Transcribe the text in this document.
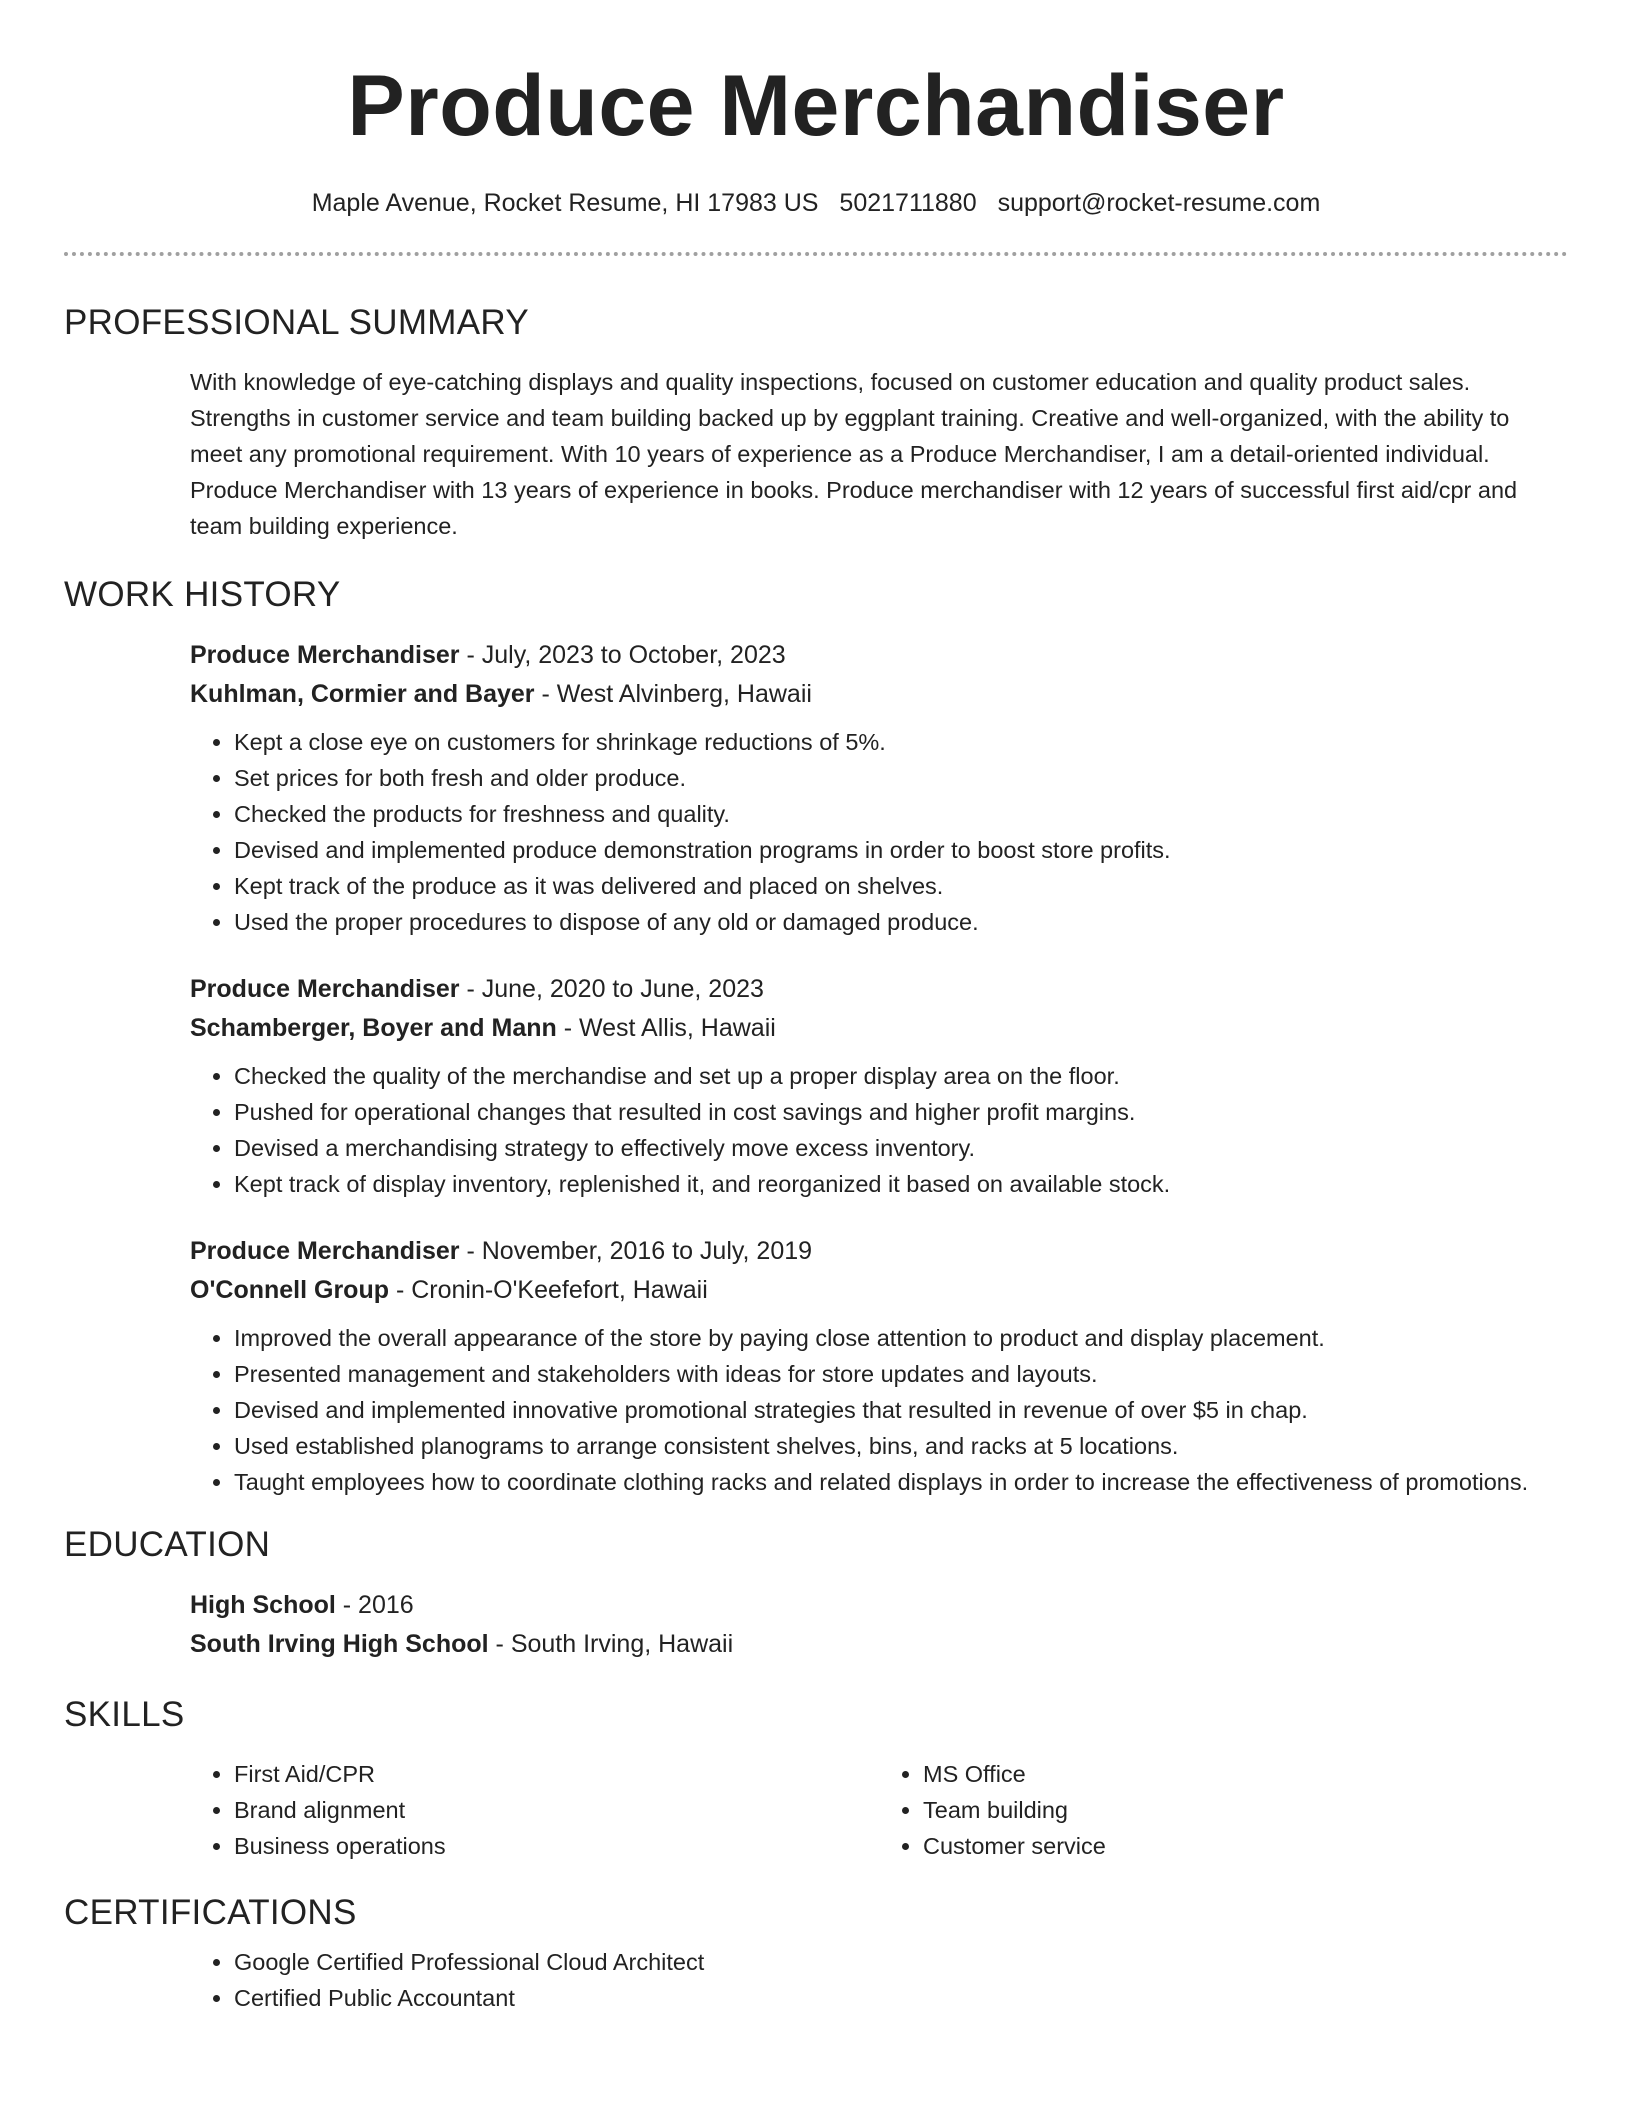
Produce Merchandiser
Maple Avenue, Rocket Resume, HI 17983 US 5021711880 support@rocket-resume.com
PROFESSIONAL SUMMARY
With knowledge of eye-catching displays and quality inspections, focused on customer education and quality product sales. Strengths in customer service and team building backed up by eggplant training. Creative and well-organized, with the ability to meet any promotional requirement. With 10 years of experience as a Produce Merchandiser, I am a detail-oriented individual. Produce Merchandiser with 13 years of experience in books. Produce merchandiser with 12 years of successful first aid/cpr and team building experience.
WORK HISTORY
Produce Merchandiser - July, 2023 to October, 2023
Kuhlman, Cormier and Bayer - West Alvinberg, Hawaii
• Kept a close eye on customers for shrinkage reductions of 5%.
• Set prices for both fresh and older produce.
• Checked the products for freshness and quality.
• Devised and implemented produce demonstration programs in order to boost store profits.
• Kept track of the produce as it was delivered and placed on shelves.
• Used the proper procedures to dispose of any old or damaged produce.
Produce Merchandiser - June, 2020 to June, 2023
Schamberger, Boyer and Mann - West Allis, Hawaii
• Checked the quality of the merchandise and set up a proper display area on the floor.
• Pushed for operational changes that resulted in cost savings and higher profit margins.
• Devised a merchandising strategy to effectively move excess inventory.
• Kept track of display inventory, replenished it, and reorganized it based on available stock.
Produce Merchandiser - November, 2016 to July, 2019
O'Connell Group - Cronin-O'Keefefort, Hawaii
• Improved the overall appearance of the store by paying close attention to product and display placement.
• Presented management and stakeholders with ideas for store updates and layouts.
• Devised and implemented innovative promotional strategies that resulted in revenue of over $5 in chap.
• Used established planograms to arrange consistent shelves, bins, and racks at 5 locations.
• Taught employees how to coordinate clothing racks and related displays in order to increase the effectiveness of promotions.
EDUCATION
High School - 2016
South Irving High School - South Irving, Hawaii
SKILLS
• First Aid/CPR
• Brand alignment
• Business operations
• MS Office
• Team building
• Customer service
CERTIFICATIONS
• Google Certified Professional Cloud Architect
• Certified Public Accountant
